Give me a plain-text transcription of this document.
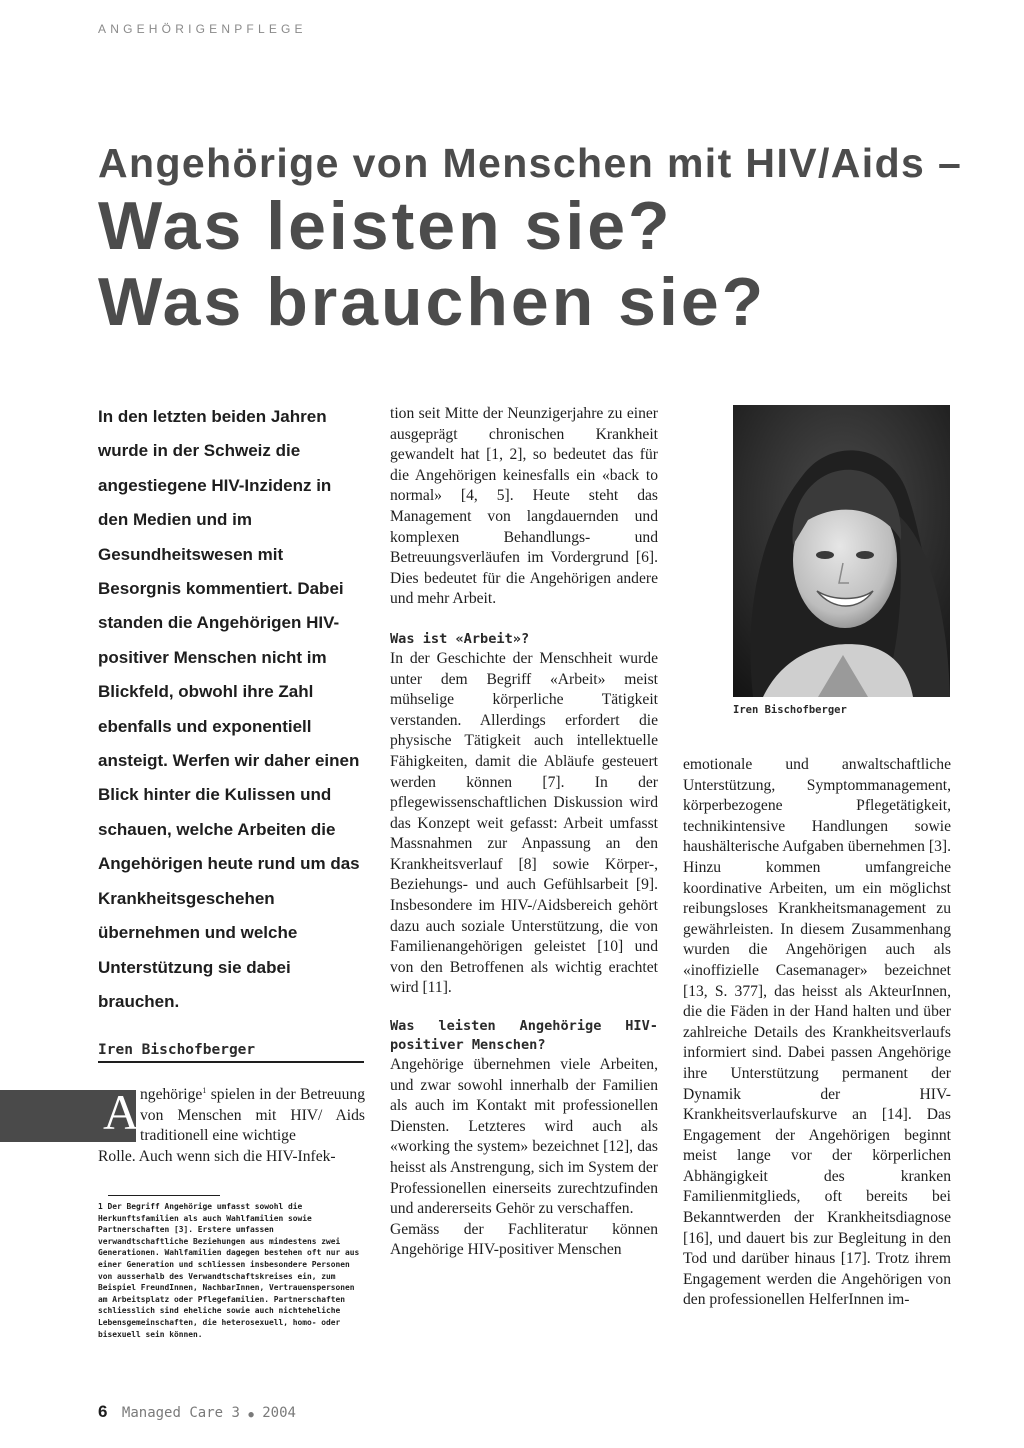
ANGEHÖRIGENPFLEGE
Angehörige von Menschen mit HIV/Aids –
Was leisten sie?
Was brauchen sie?
In den letzten beiden Jahren wurde in der Schweiz die angestiegene HIV-Inzidenz in den Medien und im Gesundheitswesen mit Besorgnis kommentiert. Dabei standen die Angehörigen HIV-positiver Menschen nicht im Blickfeld, obwohl ihre Zahl ebenfalls und exponentiell ansteigt. Werfen wir daher einen Blick hinter die Kulissen und schauen, welche Arbeiten die Angehörigen heute rund um das Krankheitsgeschehen übernehmen und welche Unterstützung sie dabei brauchen.
Iren Bischofberger
A ngehörige$^1$ spielen in der Betreuung von Menschen mit HIV/ Aids traditionell eine wichtige
Rolle. Auch wenn sich die HIV-Infek-
1 Der Begriff Angehörige umfasst sowohl die Herkunftsfamilien als auch Wahlfamilien sowie Partnerschaften [3]. Erstere umfassen verwandtschaftliche Beziehungen aus mindestens zwei Generationen. Wahlfamilien dagegen bestehen oft nur aus einer Generation und schliessen insbesondere Personen von ausserhalb des Verwandtschaftskreises ein, zum Beispiel FreundInnen, NachbarInnen, Vertrauenspersonen am Arbeitsplatz oder Pflegefamilien. Partnerschaften schliesslich sind eheliche sowie auch nichteheliche Lebensgemeinschaften, die heterosexuell, homo- oder bisexuell sein können.

tion seit Mitte der Neunzigerjahre zu einer ausgeprägt chronischen Krankheit gewandelt hat [1, 2], so bedeutet das für die Angehörigen keinesfalls ein «back to normal» [4, 5]. Heute steht das Management von langdauernden und komplexen Behandlungs- und Betreuungsverläufen im Vordergrund [6]. Dies bedeutet für die Angehörigen andere und mehr Arbeit.

Was ist «Arbeit»?

In der Geschichte der Menschheit wurde unter dem Begriff «Arbeit» meist mühselige körperliche Tätigkeit verstanden. Allerdings erfordert die physische Tätigkeit auch intellektuelle Fähigkeiten, damit die Abläufe gesteuert werden können [7]. In der pflegewissenschaftlichen Diskussion wird das Konzept weit gefasst: Arbeit umfasst Massnahmen zur Anpassung an den Krankheitsverlauf [8] sowie Körper-, Beziehungs- und auch Gefühlsarbeit [9]. Insbesondere im HIV-/Aidsbereich gehört dazu auch soziale Unterstützung, die von Familienangehörigen geleistet [10] und von den Betroffenen als wichtig erachtet wird [11].

Was leisten Angehörige HIV-positiver Menschen?

Angehörige übernehmen viele Arbeiten, und zwar sowohl innerhalb der Familien als auch im Kontakt mit professionellen Diensten. Letzteres wird auch als «working the system» bezeichnet [12], das heisst als Anstrengung, sich im System der Professionellen einerseits zurechtzufinden und andererseits Gehör zu verschaffen.

Gemäss der Fachliteratur können Angehörige HIV-positiver Menschen

Iren Bischofberger

emotionale und anwaltschaftliche Unterstützung, Symptommanagement, körperbezogene Pflegetätigkeit, technikintensive Handlungen sowie haushälterische Aufgaben übernehmen [3]. Hinzu kommen umfangreiche koordinative Arbeiten, um ein möglichst reibungsloses Krankheitsmanagement zu gewährleisten. In diesem Zusammenhang wurden die Angehörigen auch als «inoffizielle Casemanager» bezeichnet [13, S. 377], das heisst als AkteurInnen, die die Fäden in der Hand halten und über zahlreiche Details des Krankheitsverlaufs informiert sind. Dabei passen Angehörige ihre Unterstützung permanent der Dynamik der HIV-Krankheitsverlaufskurve an [14]. Das Engagement der Angehörigen beginnt meist lange vor der körperlichen Abhängigkeit des kranken Familienmitglieds, oft bereits bei Bekanntwerden der Krankheitsdiagnose [16], und dauert bis zur Begleitung in den Tod und darüber hinaus [17]. Trotz ihrem Engagement werden die Angehörigen von den professionellen HelferInnen im-

6 Managed Care 3 ● 2004
